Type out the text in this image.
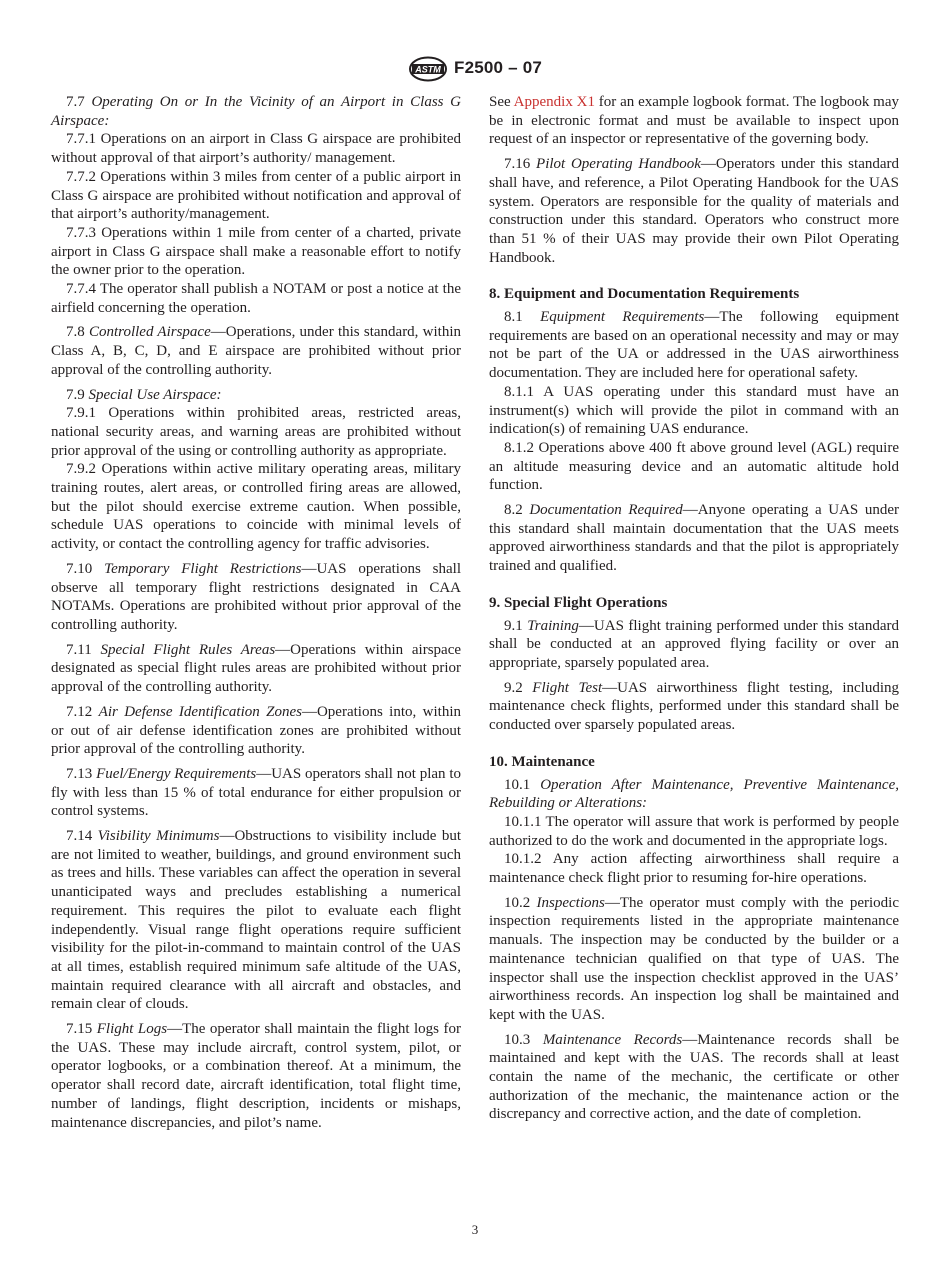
ASTM F2500 – 07

7.7 Operating On or In the Vicinity of an Airport in Class G Airspace:

7.7.1 Operations on an airport in Class G airspace are prohibited without approval of that airport’s authority/ management.

7.7.2 Operations within 3 miles from center of a public airport in Class G airspace are prohibited without notification and approval of that airport’s authority/management.

7.7.3 Operations within 1 mile from center of a charted, private airport in Class G airspace shall make a reasonable effort to notify the owner prior to the operation.

7.7.4 The operator shall publish a NOTAM or post a notice at the airfield concerning the operation.

7.8 Controlled Airspace—Operations, under this standard, within Class A, B, C, D, and E airspace are prohibited without prior approval of the controlling authority.

7.9 Special Use Airspace:

7.9.1 Operations within prohibited areas, restricted areas, national security areas, and warning areas are prohibited without prior approval of the using or controlling authority as appropriate.

7.9.2 Operations within active military operating areas, military training routes, alert areas, or controlled firing areas are allowed, but the pilot should exercise extreme caution. When possible, schedule UAS operations to coincide with minimal levels of activity, or contact the controlling agency for traffic advisories.

7.10 Temporary Flight Restrictions—UAS operations shall observe all temporary flight restrictions designated in CAA NOTAMs. Operations are prohibited without prior approval of the controlling authority.

7.11 Special Flight Rules Areas—Operations within airspace designated as special flight rules areas are prohibited without prior approval of the controlling authority.

7.12 Air Defense Identification Zones—Operations into, within or out of air defense identification zones are prohibited without prior approval of the controlling authority.

7.13 Fuel/Energy Requirements—UAS operators shall not plan to fly with less than 15 % of total endurance for either propulsion or control systems.

7.14 Visibility Minimums—Obstructions to visibility include but are not limited to weather, buildings, and ground environment such as trees and hills. These variables can affect the operation in several unanticipated ways and precludes establishing a numerical requirement. This requires the pilot to evaluate each flight independently. Visual range flight operations require sufficient visibility for the pilot-in-command to maintain control of the UAS at all times, establish required minimum safe altitude of the UAS, maintain required clearance with all aircraft and obstacles, and remain clear of clouds.

7.15 Flight Logs—The operator shall maintain the flight logs for the UAS. These may include aircraft, control system, pilot, or operator logbooks, or a combination thereof. At a minimum, the operator shall record date, aircraft identification, total flight time, number of landings, flight description, incidents or mishaps, maintenance discrepancies, and pilot’s name.

See Appendix X1 for an example logbook format. The logbook may be in electronic format and must be available to inspect upon request of an inspector or representative of the governing body.

7.16 Pilot Operating Handbook—Operators under this standard shall have, and reference, a Pilot Operating Handbook for the UAS system. Operators are responsible for the quality of materials and construction under this standard. Operators who construct more than 51 % of their UAS may provide their own Pilot Operating Handbook.

8. Equipment and Documentation Requirements

8.1 Equipment Requirements—The following equipment requirements are based on an operational necessity and may or may not be part of the UA or addressed in the UAS airworthiness documentation. They are included here for operational safety.

8.1.1 A UAS operating under this standard must have an instrument(s) which will provide the pilot in command with an indication(s) of remaining UAS endurance.

8.1.2 Operations above 400 ft above ground level (AGL) require an altitude measuring device and an automatic altitude hold function.

8.2 Documentation Required—Anyone operating a UAS under this standard shall maintain documentation that the UAS meets approved airworthiness standards and that the pilot is appropriately trained and qualified.

9. Special Flight Operations

9.1 Training—UAS flight training performed under this standard shall be conducted at an approved flying facility or over an appropriate, sparsely populated area.

9.2 Flight Test—UAS airworthiness flight testing, including maintenance check flights, performed under this standard shall be conducted over sparsely populated areas.

10. Maintenance

10.1 Operation After Maintenance, Preventive Maintenance, Rebuilding or Alterations:

10.1.1 The operator will assure that work is performed by people authorized to do the work and documented in the appropriate logs.

10.1.2 Any action affecting airworthiness shall require a maintenance check flight prior to resuming for-hire operations.

10.2 Inspections—The operator must comply with the periodic inspection requirements listed in the appropriate maintenance manuals. The inspection may be conducted by the builder or a maintenance technician qualified on that type of UAS. The inspector shall use the inspection checklist approved in the UAS’ airworthiness records. An inspection log shall be maintained and kept with the UAS.

10.3 Maintenance Records—Maintenance records shall be maintained and kept with the UAS. The records shall at least contain the name of the mechanic, the certificate or other authorization of the mechanic, the maintenance action or the discrepancy and corrective action, and the date of completion.

3
